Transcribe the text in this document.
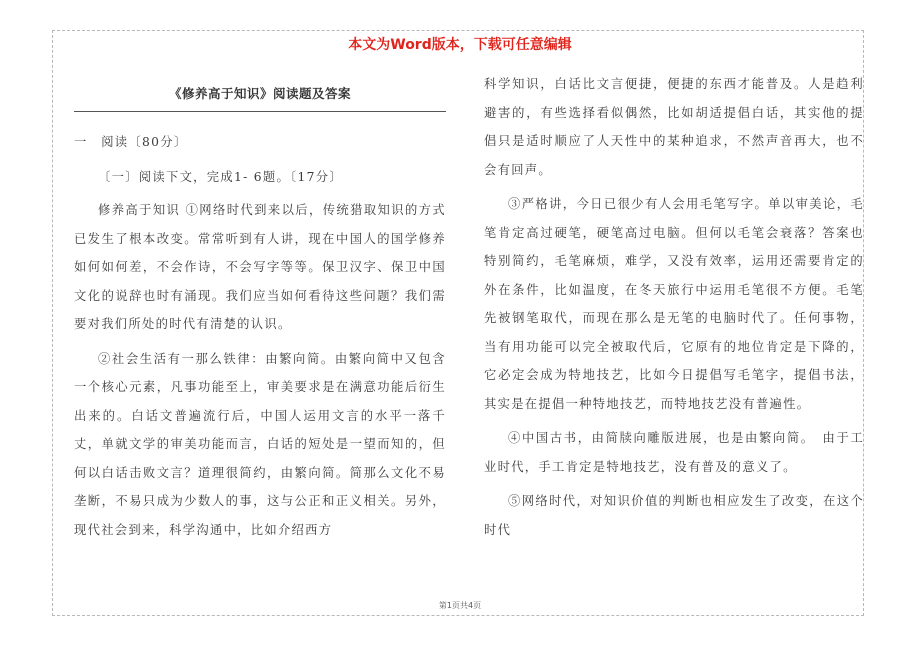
本文为Word版本，下载可任意编辑
《修养高于知识》阅读题及答案

一　阅读〔80分〕

〔一〕阅读下文，完成1- 6题。〔17分〕

修养高于知识 ①网络时代到来以后，传统猎取知识的方式已发生了根本改变。常常听到有人讲，现在中国人的国学修养如何如何差，不会作诗，不会写字等等。保卫汉字、保卫中国文化的说辞也时有涌现。我们应当如何看待这些问题？我们需要对我们所处的时代有清楚的认识。

②社会生活有一那么铁律：由繁向简。由繁向简中又包含一个核心元素，凡事功能至上，审美要求是在满意功能后衍生出来的。白话文普遍流行后，中国人运用文言的水平一落千丈，单就文学的审美功能而言，白话的短处是一望而知的，但何以白话击败文言？道理很简约，由繁向简。简那么文化不易垄断，不易只成为少数人的事，这与公正和正义相关。另外，现代社会到来，科学沟通中，比如介绍西方

科学知识，白话比文言便捷，便捷的东西才能普及。人是趋利避害的，有些选择看似偶然，比如胡适提倡白话，其实他的提倡只是适时顺应了人天性中的某种追求，不然声音再大，也不会有回声。

③严格讲，今日已很少有人会用毛笔写字。单以审美论，毛笔肯定高过硬笔，硬笔高过电脑。但何以毛笔会衰落？答案也特别简约，毛笔麻烦，难学，又没有效率，运用还需要肯定的外在条件，比如温度，在冬天旅行中运用毛笔很不方便。毛笔先被钢笔取代，而现在那么是无笔的电脑时代了。任何事物，当有用功能可以完全被取代后，它原有的地位肯定是下降的，它必定会成为特地技艺，比如今日提倡写毛笔字，提倡书法，其实是在提倡一种特地技艺，而特地技艺没有普遍性。

④中国古书，由简牍向雕版进展，也是由繁向简。　由于工业时代，手工肯定是特地技艺，没有普及的意义了。

⑤网络时代，对知识价值的判断也相应发生了改变，在这个时代

第1页共4页
